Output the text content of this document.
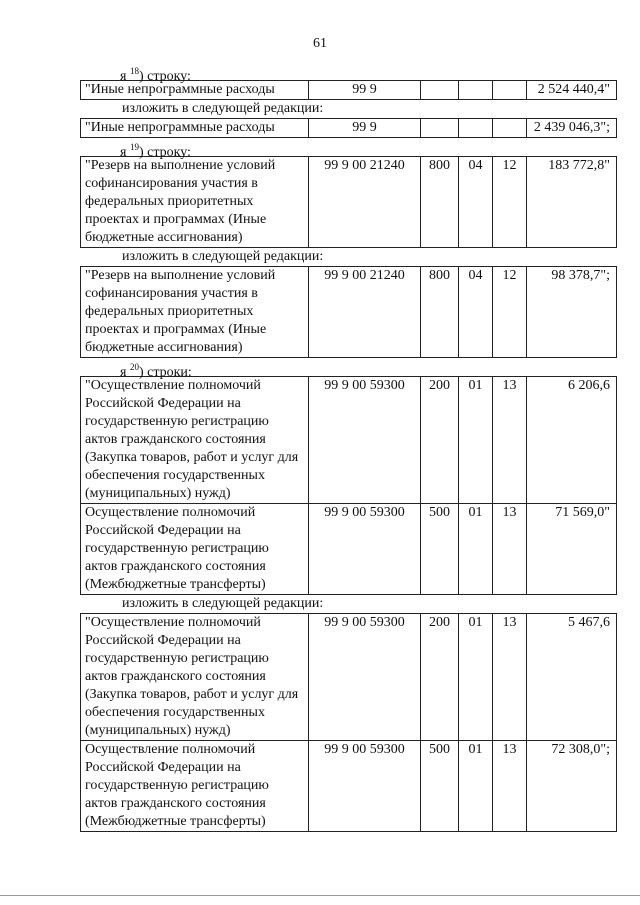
61
я $^{18}$) строку:
"Иные непрограммные расходы	99 9				2 524 440,4"
изложить в следующей редакции:
"Иные непрограммные расходы	99 9				2 439 046,3";
я $^{19}$) строку:
"Резерв на выполнение условий софинансирования участия в федеральных приоритетных проектах и программах (Иные бюджетные ассигнования)	99 9 00 21240	800	04	12	183 772,8"
изложить в следующей редакции:
"Резерв на выполнение условий софинансирования участия в федеральных приоритетных проектах и программах (Иные бюджетные ассигнования)	99 9 00 21240	800	04	12	98 378,7";
я $^{20}$) строки:
"Осуществление полномочий Российской Федерации на государственную регистрацию актов гражданского состояния (Закупка товаров, работ и услуг для обеспечения государственных (муниципальных) нужд)	99 9 00 59300	200	01	13	6 206,6
Осуществление полномочий Российской Федерации на государственную регистрацию актов гражданского состояния (Межбюджетные трансферты)	99 9 00 59300	500	01	13	71 569,0"
изложить в следующей редакции:
"Осуществление полномочий Российской Федерации на государственную регистрацию актов гражданского состояния (Закупка товаров, работ и услуг для обеспечения государственных (муниципальных) нужд)	99 9 00 59300	200	01	13	5 467,6
Осуществление полномочий Российской Федерации на государственную регистрацию актов гражданского состояния (Межбюджетные трансферты)	99 9 00 59300	500	01	13	72 308,0";
